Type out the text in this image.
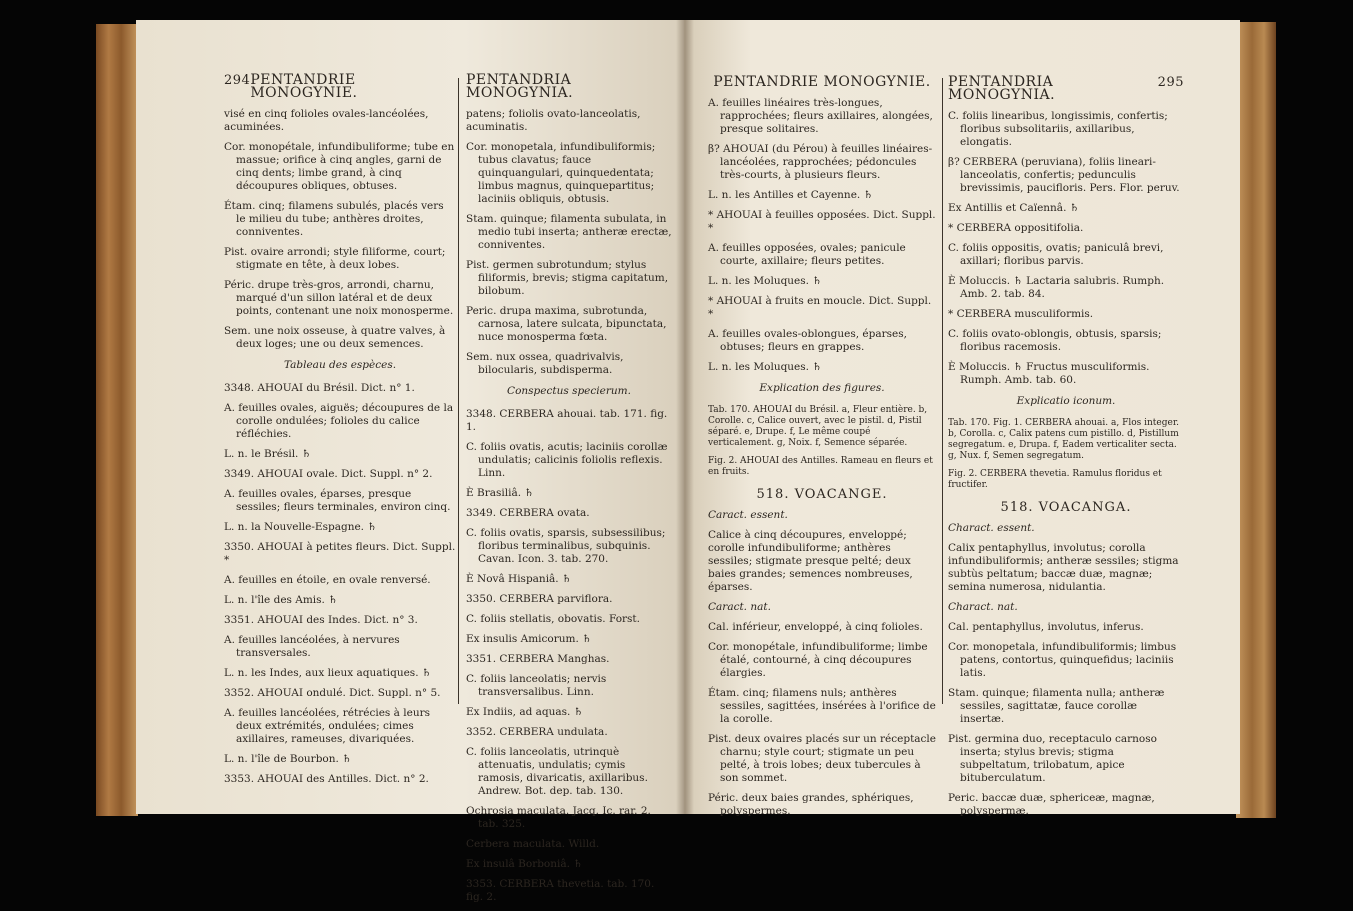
294 PENTANDRIE MONOGYNIE.

visé en cinq folioles ovales-lancéolées, acuminées.

Cor. monopétale, infundibuliforme; tube en massue; orifice à cinq angles, garni de cinq dents; limbe grand, à cinq découpures obliques, obtuses.

Étam. cinq; filamens subulés, placés vers le milieu du tube; anthères droites, conniventes.

Pist. ovaire arrondi; style filiforme, court; stigmate en tête, à deux lobes.

Péric. drupe très-gros, arrondi, charnu, marqué d'un sillon latéral et de deux points, contenant une noix monosperme.

Sem. une noix osseuse, à quatre valves, à deux loges; une ou deux semences.

Tableau des espèces.

3348. AHOUAI du Brésil. Dict. n° 1.

A. feuilles ovales, aiguës; découpures de la corolle ondulées; folioles du calice réfléchies.

L. n. le Brésil. ♄

3349. AHOUAI ovale. Dict. Suppl. n° 2.

A. feuilles ovales, éparses, presque sessiles; fleurs terminales, environ cinq.

L. n. la Nouvelle-Espagne. ♄

3350. AHOUAI à petites fleurs. Dict. Suppl. *

A. feuilles en étoile, en ovale renversé.

L. n. l'île des Amis. ♄

3351. AHOUAI des Indes. Dict. n° 3.

A. feuilles lancéolées, à nervures transversales.

L. n. les Indes, aux lieux aquatiques. ♄

3352. AHOUAI ondulé. Dict. Suppl. n° 5.

A. feuilles lancéolées, rétrécies à leurs deux extrémités, ondulées; cimes axillaires, rameuses, divariquées.

L. n. l'île de Bourbon. ♄

3353. AHOUAI des Antilles. Dict. n° 2.

PENTANDRIA MONOGYNIA.

patens; foliolis ovato-lanceolatis, acuminatis.

Cor. monopetala, infundibuliformis; tubus clavatus; fauce quinquangulari, quinquedentata; limbus magnus, quinquepartitus; laciniis obliquis, obtusis.

Stam. quinque; filamenta subulata, in medio tubi inserta; antheræ erectæ, conniventes.

Pist. germen subrotundum; stylus filiformis, brevis; stigma capitatum, bilobum.

Peric. drupa maxima, subrotunda, carnosa, latere sulcata, bipunctata, nuce monosperma fœta.

Sem. nux ossea, quadrivalvis, bilocularis, subdisperma.

Conspectus specierum.

3348. CERBERA ahouai. tab. 171. fig. 1.

C. foliis ovatis, acutis; laciniis corollæ undulatis; calicinis foliolis reflexis. Linn.

È Brasiliâ. ♄

3349. CERBERA ovata.

C. foliis ovatis, sparsis, subsessilibus; floribus terminalibus, subquinis. Cavan. Icon. 3. tab. 270.

È Novâ Hispaniâ. ♄

3350. CERBERA parviflora.

C. foliis stellatis, obovatis. Forst.

Ex insulis Amicorum. ♄

3351. CERBERA Manghas.

C. foliis lanceolatis; nervis transversalibus. Linn.

Ex Indiis, ad aquas. ♄

3352. CERBERA undulata.

C. foliis lanceolatis, utrinquè attenuatis, undulatis; cymis ramosis, divaricatis, axillaribus. Andrew. Bot. dep. tab. 130.

Ochrosia maculata. Jacq. Ic. rar. 2. tab. 325.

Cerbera maculata. Willd.

Ex insulâ Borboniâ. ♄

3353. CERBERA thevetia. tab. 170. fig. 2.

PENTANDRIE MONOGYNIE.

A. feuilles linéaires très-longues, rapprochées; fleurs axillaires, alongées, presque solitaires.

β? AHOUAI (du Pérou) à feuilles linéaires-lancéolées, rapprochées; pédoncules très-courts, à plusieurs fleurs.

L. n. les Antilles et Cayenne. ♄

* AHOUAI à feuilles opposées. Dict. Suppl. *

A. feuilles opposées, ovales; panicule courte, axillaire; fleurs petites.

L. n. les Moluques. ♄

* AHOUAI à fruits en moucle. Dict. Suppl. *

A. feuilles ovales-oblongues, éparses, obtuses; fleurs en grappes.

L. n. les Moluques. ♄

Explication des figures.

Tab. 170. AHOUAI du Brésil. a, Fleur entière. b, Corolle. c, Calice ouvert, avec le pistil. d, Pistil séparé. e, Drupe. f, Le même coupé verticalement. g, Noix. f, Semence séparée.

Fig. 2. AHOUAI des Antilles. Rameau en fleurs et en fruits.

518. VOACANGE.

Caract. essent.

Calice à cinq découpures, enveloppé; corolle infundibuliforme; anthères sessiles; stigmate presque pelté; deux baies grandes; semences nombreuses, éparses.

Caract. nat.

Cal. inférieur, enveloppé, à cinq folioles.

Cor. monopétale, infundibuliforme; limbe étalé, contourné, à cinq découpures élargies.

Étam. cinq; filamens nuls; anthères sessiles, sagittées, insérées à l'orifice de la corolle.

Pist. deux ovaires placés sur un réceptacle charnu; style court; stigmate un peu pelté, à trois lobes; deux tubercules à son sommet.

Péric. deux baies grandes, sphériques, polyspermes.

PENTANDRIA MONOGYNIA.
295

C. foliis linearibus, longissimis, confertis; floribus subsolitariis, axillaribus, elongatis.

β? CERBERA (peruviana), foliis lineari-lanceolatis, confertis; pedunculis brevissimis, paucifloris. Pers. Flor. peruv.

Ex Antillis et Caïennâ. ♄

* CERBERA oppositifolia.

C. foliis oppositis, ovatis; paniculâ brevi, axillari; floribus parvis.

È Moluccis. ♄ Lactaria salubris. Rumph. Amb. 2. tab. 84.

* CERBERA musculiformis.

C. foliis ovato-oblongis, obtusis, sparsis; floribus racemosis.

È Moluccis. ♄ Fructus musculiformis. Rumph. Amb. tab. 60.

Explicatio iconum.

Tab. 170. Fig. 1. CERBERA ahouai. a, Flos integer. b, Corolla. c, Calix patens cum pistillo. d, Pistillum segregatum. e, Drupa. f, Eadem verticaliter secta. g, Nux. f, Semen segregatum.

Fig. 2. CERBERA thevetia. Ramulus floridus et fructifer.

518. VOACANGA.

Charact. essent.

Calix pentaphyllus, involutus; corolla infundibuliformis; antheræ sessiles; stigma subtùs peltatum; baccæ duæ, magnæ; semina numerosa, nidulantia.

Charact. nat.

Cal. pentaphyllus, involutus, inferus.

Cor. monopetala, infundibuliformis; limbus patens, contortus, quinquefidus; laciniis latis.

Stam. quinque; filamenta nulla; antheræ sessiles, sagittatæ, fauce corollæ insertæ.

Pist. germina duo, receptaculo carnoso inserta; stylus brevis; stigma subpeltatum, trilobatum, apice bituberculatum.

Peric. baccæ duæ, sphericeæ, magnæ, polyspermæ.
